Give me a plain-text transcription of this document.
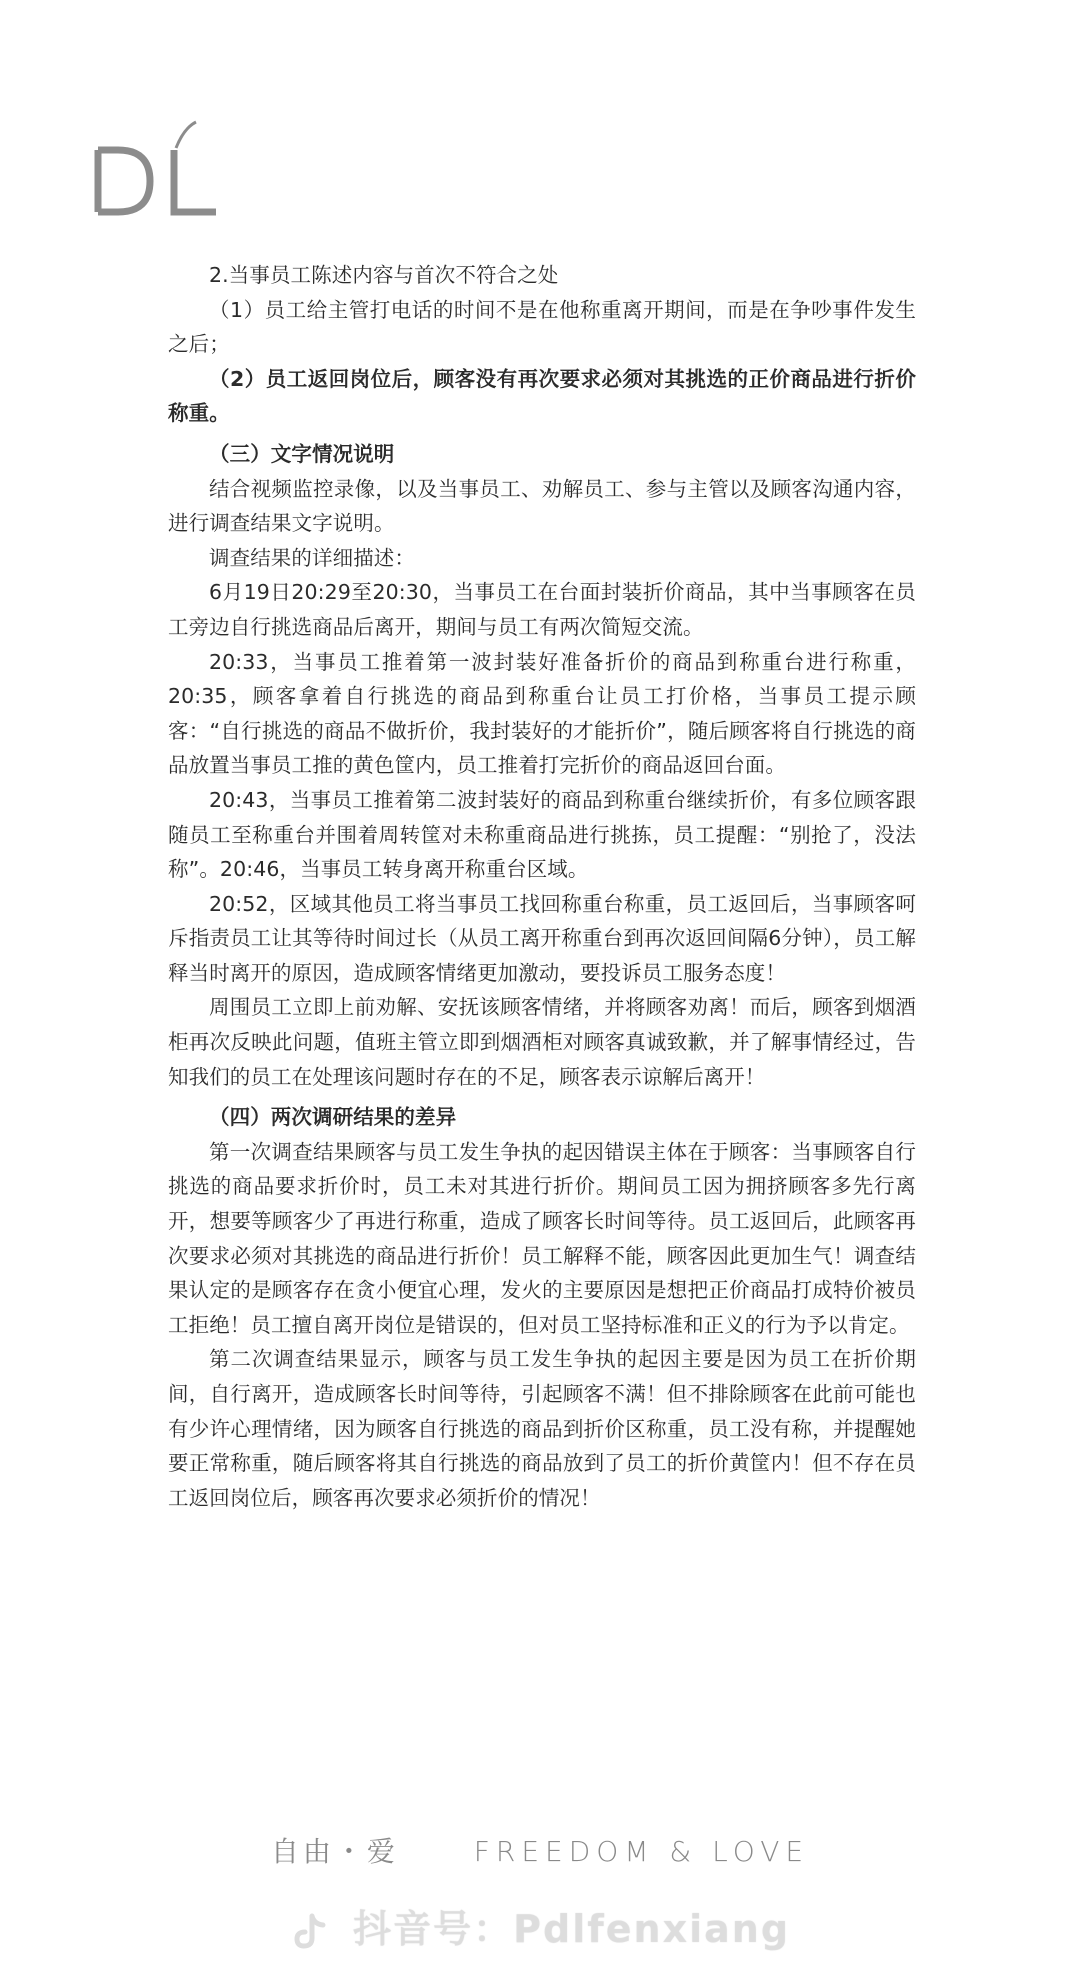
2.当事员工陈述内容与首次不符合之处

（1）员工给主管打电话的时间不是在他称重离开期间，而是在争吵事件发生之后；

（2）员工返回岗位后，顾客没有再次要求必须对其挑选的正价商品进行折价称重。

（三）文字情况说明

结合视频监控录像，以及当事员工、劝解员工、参与主管以及顾客沟通内容，进行调查结果文字说明。

调查结果的详细描述：

6月19日20:29至20:30，当事员工在台面封装折价商品，其中当事顾客在员工旁边自行挑选商品后离开，期间与员工有两次简短交流。

20:33，当事员工推着第一波封装好准备折价的商品到称重台进行称重，20:35，顾客拿着自行挑选的商品到称重台让员工打价格，当事员工提示顾客：“自行挑选的商品不做折价，我封装好的才能折价”，随后顾客将自行挑选的商品放置当事员工推的黄色筐内，员工推着打完折价的商品返回台面。

20:43，当事员工推着第二波封装好的商品到称重台继续折价，有多位顾客跟随员工至称重台并围着周转筐对未称重商品进行挑拣，员工提醒：“别抢了，没法称”。20:46，当事员工转身离开称重台区域。

20:52，区域其他员工将当事员工找回称重台称重，员工返回后，当事顾客呵斥指责员工让其等待时间过长（从员工离开称重台到再次返回间隔6分钟），员工解释当时离开的原因，造成顾客情绪更加激动，要投诉员工服务态度！

周围员工立即上前劝解、安抚该顾客情绪，并将顾客劝离！而后，顾客到烟酒柜再次反映此问题，值班主管立即到烟酒柜对顾客真诚致歉，并了解事情经过，告知我们的员工在处理该问题时存在的不足，顾客表示谅解后离开！

（四）两次调研结果的差异

第一次调查结果顾客与员工发生争执的起因错误主体在于顾客：当事顾客自行挑选的商品要求折价时，员工未对其进行折价。期间员工因为拥挤顾客多先行离开，想要等顾客少了再进行称重，造成了顾客长时间等待。员工返回后，此顾客再次要求必须对其挑选的商品进行折价！员工解释不能，顾客因此更加生气！调查结果认定的是顾客存在贪小便宜心理，发火的主要原因是想把正价商品打成特价被员工拒绝！员工擅自离开岗位是错误的，但对员工坚持标准和正义的行为予以肯定。

第二次调查结果显示，顾客与员工发生争执的起因主要是因为员工在折价期间，自行离开，造成顾客长时间等待，引起顾客不满！但不排除顾客在此前可能也有少许心理情绪，因为顾客自行挑选的商品到折价区称重，员工没有称，并提醒她要正常称重，随后顾客将其自行挑选的商品放到了员工的折价黄筐内！但不存在员工返回岗位后，顾客再次要求必须折价的情况！

自由・爱	FREEDOM & LOVE
抖音号：Pdlfenxiang
